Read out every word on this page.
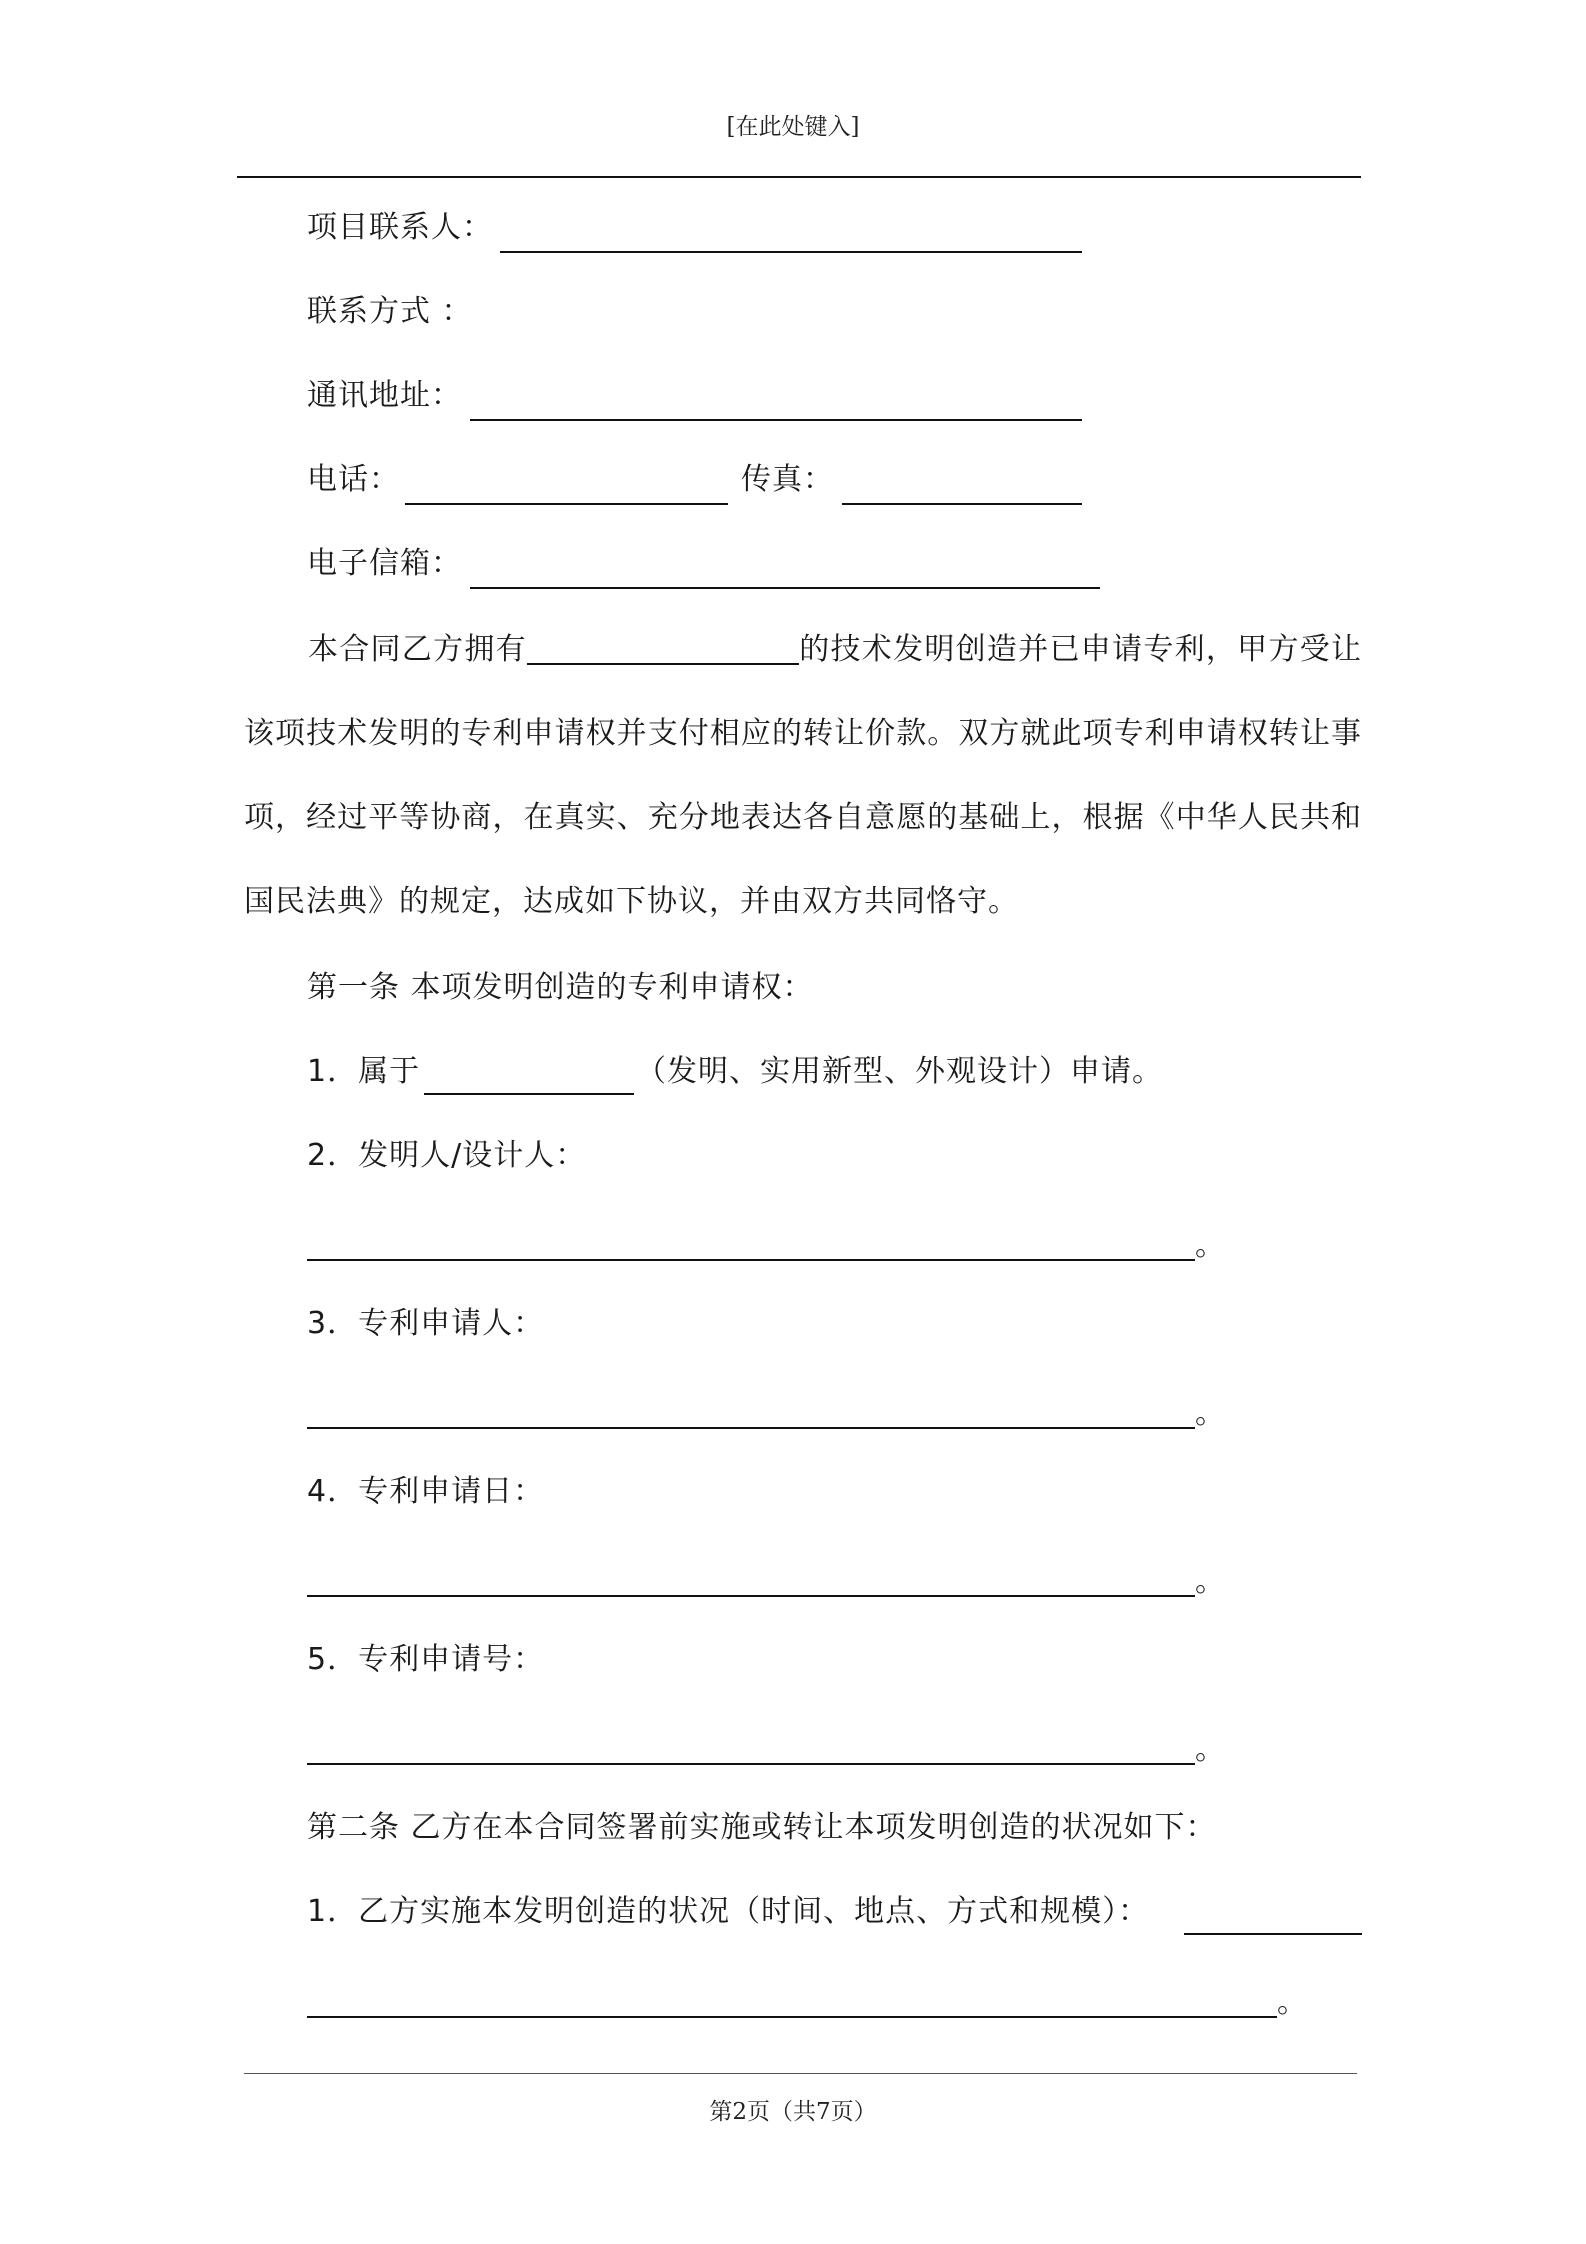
[在此处键入]
项目联系人：
联系方式 ：
通讯地址：
电话：	传真：
电子信箱：
本合同乙方拥有	的技术发明创造并已申请专利，甲方受让该项技术发明的专利申请权并支付相应的转让价款。双方就此项专利申请权转让事项，经过平等协商，在真实、充分地表达各自意愿的基础上，根据《中华人民共和国民法典》的规定，达成如下协议，并由双方共同恪守。
第一条 本项发明创造的专利申请权：
1．属于	（发明、实用新型、外观设计）申请。
2．发明人/设计人：
。
3．专利申请人：
。
4．专利申请日：
。
5．专利申请号：
。
第二条 乙方在本合同签署前实施或转让本项发明创造的状况如下：
1．乙方实施本发明创造的状况（时间、地点、方式和规模）：
。
第2页（共7页）
